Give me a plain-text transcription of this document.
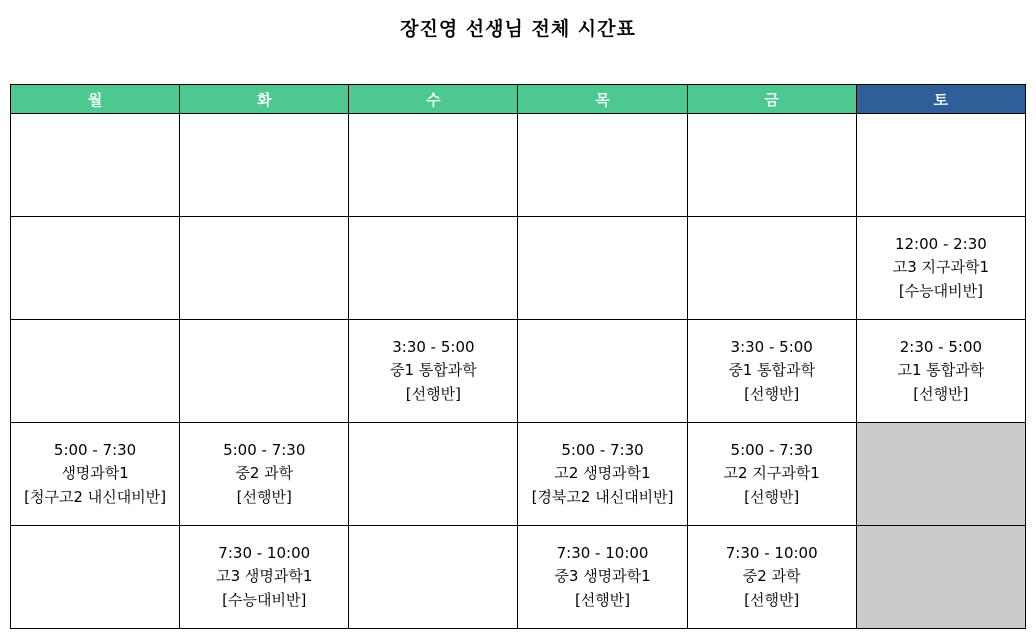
장진영 선생님 전체 시간표
월	화	수	목	금	토

					12:00 - 2:30
고3 지구과학1
[수능대비반]

		3:30 - 5:00
중1 통합과학
[선행반]		3:30 - 5:00
중1 통합과학
[선행반]	2:30 - 5:00
고1 통합과학
[선행반]

5:00 - 7:30
생명과학1
[청구고2 내신대비반]	5:00 - 7:30
중2 과학
[선행반]		5:00 - 7:30
고2 생명과학1
[경북고2 내신대비반]	5:00 - 7:30
고2 지구과학1
[선행반]	

	7:30 - 10:00
고3 생명과학1
[수능대비반]		7:30 - 10:00
중3 생명과학1
[선행반]	7:30 - 10:00
중2 과학
[선행반]	
